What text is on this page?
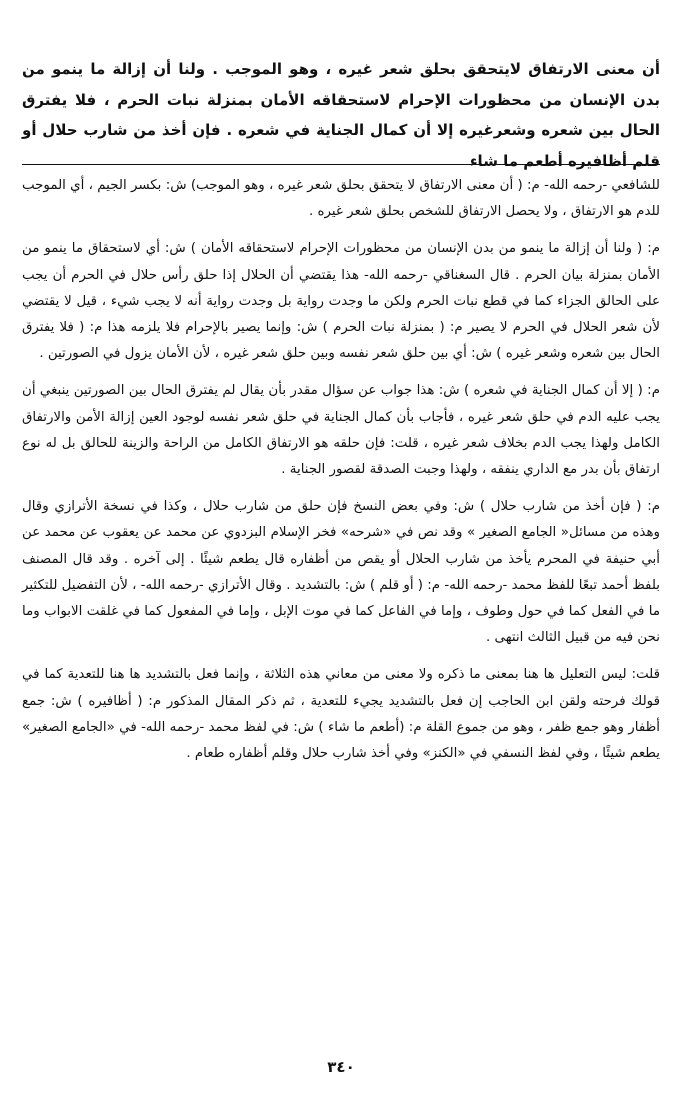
أن معنى الارتفاق لايتحقق بحلق شعر غيره ، وهو الموجب . ولنا أن إزالة ما ينمو من بدن الإنسان من محظورات الإحرام لاستحقاقه الأمان بمنزلة نبات الحرم ، فلا يفترق الحال بين شعره وشعرغيره إلا أن كمال الجناية في شعره . فإن أخذ من شارب حلال أو قلم أظافيره أطعم ما شاء

للشافعي -رحمه الله- م: ( أن معنى الارتفاق لا يتحقق بحلق شعر غيره ، وهو الموجب) ش: بكسر الجيم ، أي الموجب للدم هو الارتفاق ، ولا يحصل الارتفاق للشخص بحلق شعر غيره .

م: ( ولنا أن إزالة ما ينمو من بدن الإنسان من محظورات الإحرام لاستحقاقه الأمان ) ش: أي لاستحقاق ما ينمو من الأمان بمنزلة بيان الحرم . قال السغناقي -رحمه الله- هذا يقتضي أن الحلال إذا حلق رأس حلال في الحرم أن يجب على الحالق الجزاء كما في قطع نبات الحرم ولكن ما وجدت رواية بل وجدت رواية أنه لا يجب شيء ، قيل لا يقتضي لأن شعر الحلال في الحرم لا يصير م: ( بمنزلة نبات الحرم ) ش: وإنما يصير بالإحرام فلا يلزمه هذا م: ( فلا يفترق الحال بين شعره وشعر غيره ) ش: أي بين حلق شعر نفسه وبين حلق شعر غيره ، لأن الأمان يزول في الصورتين .

م: ( إلا أن كمال الجناية في شعره ) ش: هذا جواب عن سؤال مقدر بأن يقال لم يفترق الحال بين الصورتين ينبغي أن يجب عليه الدم في حلق شعر غيره ، فأجاب بأن كمال الجناية في حلق شعر نفسه لوجود العين إزالة الأمن والارتفاق الكامل ولهذا يجب الدم بخلاف شعر غيره ، قلت: فإن حلقه هو الارتفاق الكامل من الراحة والزينة للحالق بل له نوع ارتفاق بأن بدر مع الداري ينفقه ، ولهذا وجبت الصدقة لقصور الجناية .

م: ( فإن أخذ من شارب حلال ) ش: وفي بعض النسخ فإن حلق من شارب حلال ، وكذا في نسخة الأترازي وقال وهذه من مسائل« الجامع الصغير » وقد نص في «شرحه» فخر الإسلام البزدوي عن محمد عن يعقوب عن محمد عن أبي حنيفة في المحرم يأخذ من شارب الحلال أو يقص من أظفاره قال يطعم شيئًا . إلى آخره . وقد قال المصنف بلفظ أحمد تبعًا للفظ محمد -رحمه الله- م: ( أو قلم ) ش: بالتشديد . وقال الأترازي -رحمه الله- ، لأن التفضيل للتكثير ما في الفعل كما في حول وطوف ، وإما في الفاعل كما في موت الإبل ، وإما في المفعول كما في غلقت الابواب وما نحن فيه من قبيل الثالث انتهى .

قلت: ليس التعليل ها هنا بمعنى ما ذكره ولا معنى من معاني هذه الثلاثة ، وإنما فعل بالتشديد ها هنا للتعدية كما في قولك فرحته ولقن ابن الحاجب إن فعل بالتشديد يجيء للتعدية ، ثم ذكر المقال المذكور م: ( أظافيره ) ش: جمع أظفار وهو جمع ظفر ، وهو من جموع القلة م: (أطعم ما شاء ) ش: في لفظ محمد -رحمه الله- في «الجامع الصغير» يطعم شيئًا ، وفي لفظ النسفي في «الكنز» وفي أخذ شارب حلال وقلم أظفاره طعام .

٣٤٠
